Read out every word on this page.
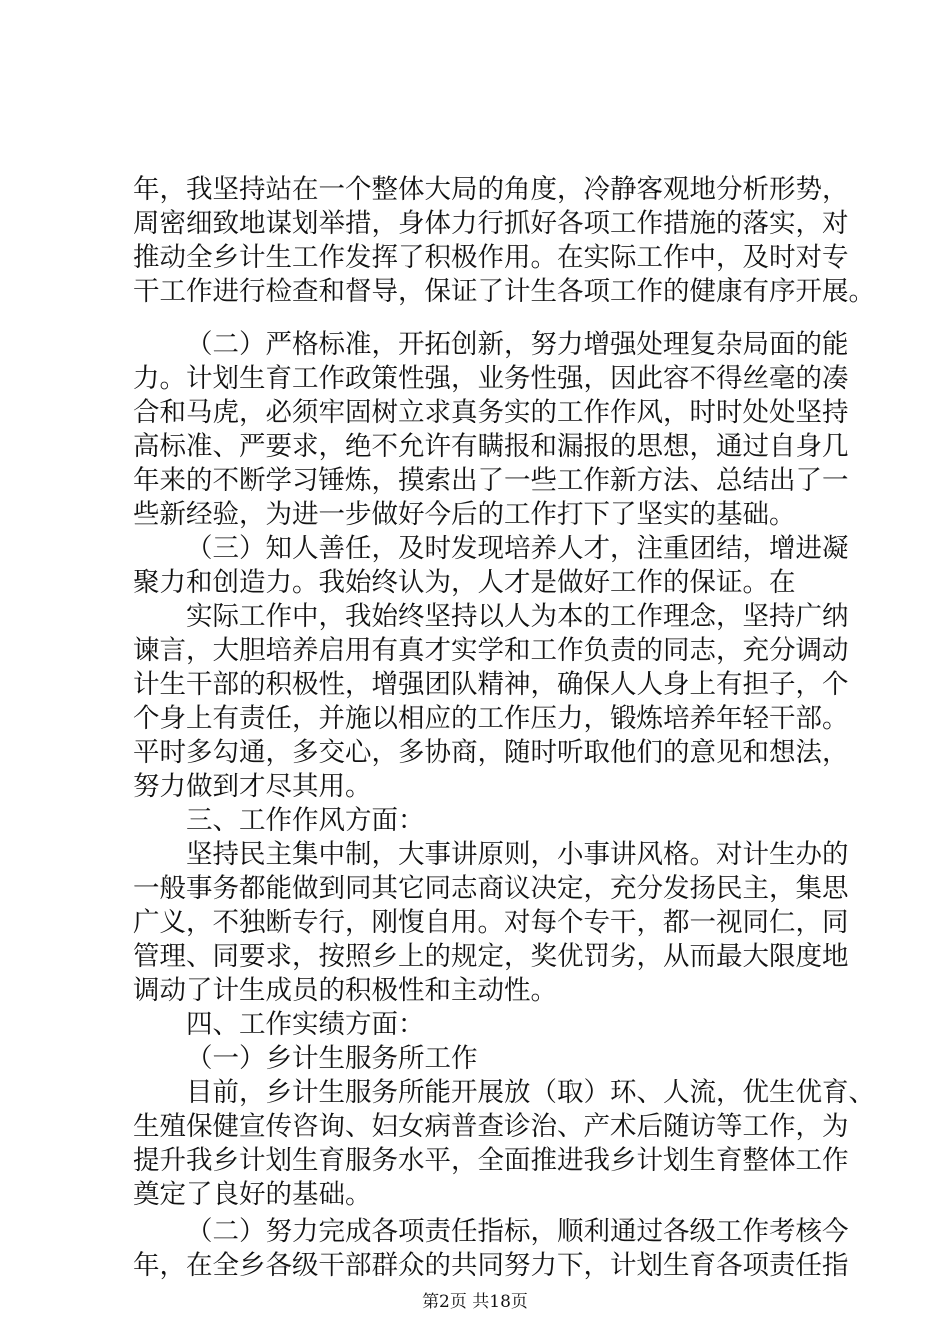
年，我坚持站在一个整体大局的角度，冷静客观地分析形势，
周密细致地谋划举措，身体力行抓好各项工作措施的落实，对
推动全乡计生工作发挥了积极作用。在实际工作中，及时对专
干工作进行检查和督导，保证了计生各项工作的健康有序开展。
（二）严格标准，开拓创新，努力增强处理复杂局面的能
力。计划生育工作政策性强，业务性强，因此容不得丝毫的凑
合和马虎，必须牢固树立求真务实的工作作风，时时处处坚持
高标准、严要求，绝不允许有瞒报和漏报的思想，通过自身几
年来的不断学习锤炼，摸索出了一些工作新方法、总结出了一
些新经验，为进一步做好今后的工作打下了坚实的基础。
（三）知人善任，及时发现培养人才，注重团结，增进凝
聚力和创造力。我始终认为，人才是做好工作的保证。在
实际工作中，我始终坚持以人为本的工作理念，坚持广纳
谏言，大胆培养启用有真才实学和工作负责的同志，充分调动
计生干部的积极性，增强团队精神，确保人人身上有担子，个
个身上有责任，并施以相应的工作压力，锻炼培养年轻干部。
平时多勾通，多交心，多协商，随时听取他们的意见和想法，
努力做到才尽其用。
三、工作作风方面：
坚持民主集中制，大事讲原则，小事讲风格。对计生办的
一般事务都能做到同其它同志商议决定，充分发扬民主，集思
广义，不独断专行，刚愎自用。对每个专干，都一视同仁，同
管理、同要求，按照乡上的规定，奖优罚劣，从而最大限度地
调动了计生成员的积极性和主动性。
四、工作实绩方面：
（一）乡计生服务所工作
目前，乡计生服务所能开展放（取）环、人流，优生优育、
生殖保健宣传咨询、妇女病普查诊治、产术后随访等工作，为
提升我乡计划生育服务水平，全面推进我乡计划生育整体工作
奠定了良好的基础。
（二）努力完成各项责任指标，顺利通过各级工作考核今
年，在全乡各级干部群众的共同努力下，计划生育各项责任指
第2页 共18页
